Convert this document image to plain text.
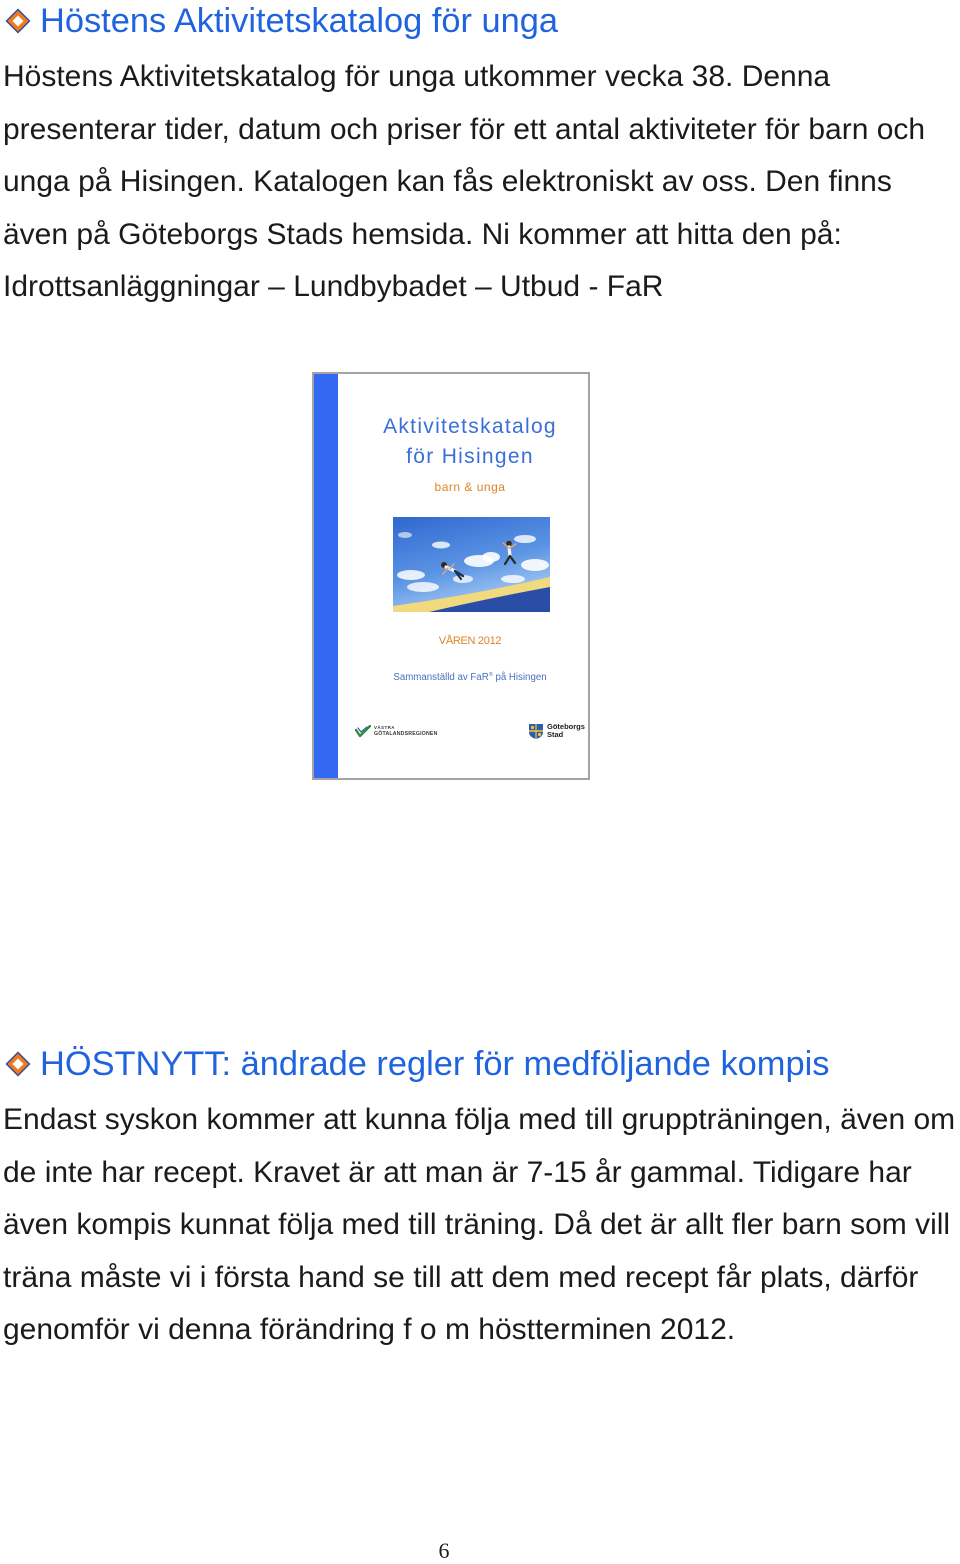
Höstens Aktivitetskatalog för unga
Höstens Aktivitetskatalog för unga utkommer vecka 38. Denna
presenterar tider, datum och priser för ett antal aktiviteter för barn och
unga på Hisingen. Katalogen kan fås elektroniskt av oss. Den finns
även på Göteborgs Stads hemsida. Ni kommer att hitta den på:
Idrottsanläggningar – Lundbybadet – Utbud - FaR
Aktivitetskatalog
för Hisingen
barn & unga
VÅREN 2012
Sammanställd av FaR® på Hisingen
VÄSTRA
GÖTALANDSREGIONEN
Göteborgs
Stad
HÖSTNYTT: ändrade regler för medföljande kompis
Endast syskon kommer att kunna följa med till gruppträningen, även om
de inte har recept. Kravet är att man är 7-15 år gammal. Tidigare har
även kompis kunnat följa med till träning. Då det är allt fler barn som vill
träna måste vi i första hand se till att dem med recept får plats, därför
genomför vi denna förändring f o m höstterminen 2012.
6
